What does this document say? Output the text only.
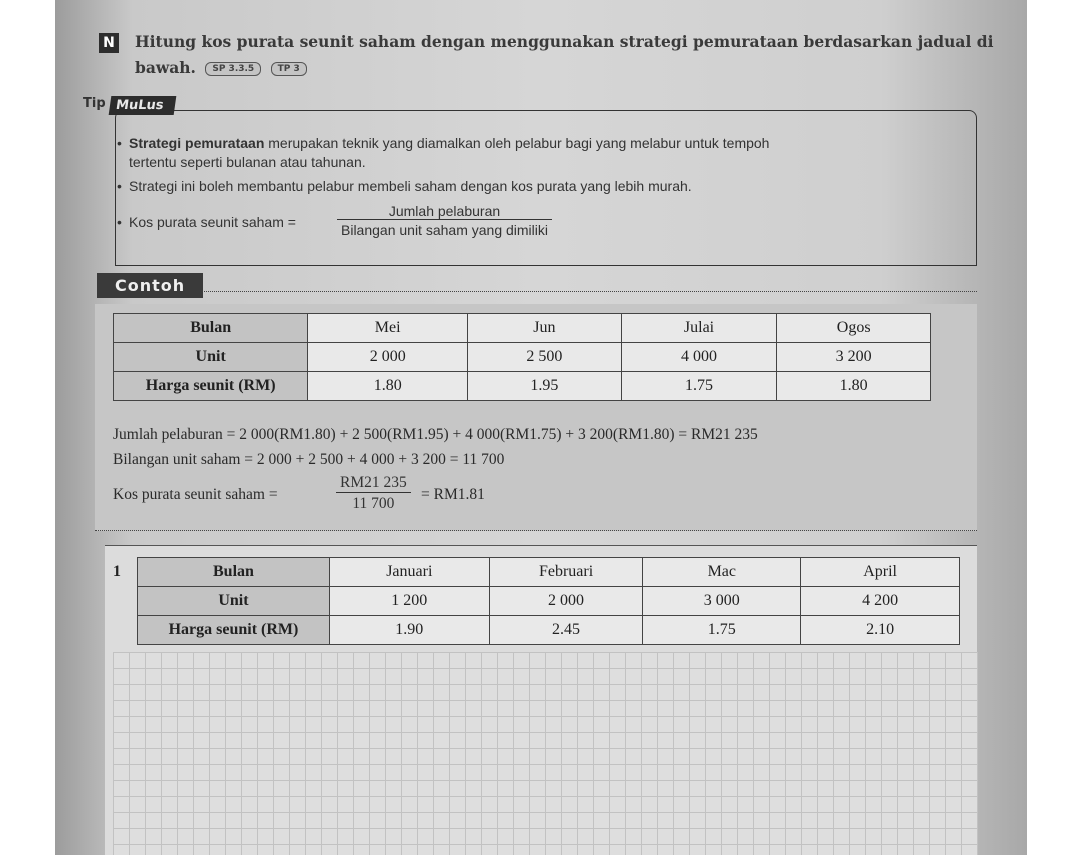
N Hitung kos purata seunit saham dengan menggunakan strategi pemurataan berdasarkan jadual di
bawah. SP 3.3.5	TP 3
Tip MuLus
• Strategi pemurataan merupakan teknik yang diamalkan oleh pelabur bagi yang melabur untuk tempoh
tertentu seperti bulanan atau tahunan.
• Strategi ini boleh membantu pelabur membeli saham dengan kos purata yang lebih murah.
• Kos purata seunit saham =
Jumlah pelaburan
Bilangan unit saham yang dimiliki
Contoh
Bulan	Mei	Jun	Julai	Ogos
Unit	2 000	2 500	4 000	3 200
Harga seunit (RM)	1.80	1.95	1.75	1.80
Jumlah pelaburan = 2 000(RM1.80) + 2 500(RM1.95) + 4 000(RM1.75) + 3 200(RM1.80) = RM21 235
Bilangan unit saham = 2 000 + 2 500 + 4 000 + 3 200 = 11 700
Kos purata seunit saham =	$\frac{RM21 235}{11 700} = RM1.81$
1	Bulan	Januari	Februari	Mac	April
Unit	1 200	2 000	3 000	4 200
Harga seunit (RM)	1.90	2.45	1.75	2.10
